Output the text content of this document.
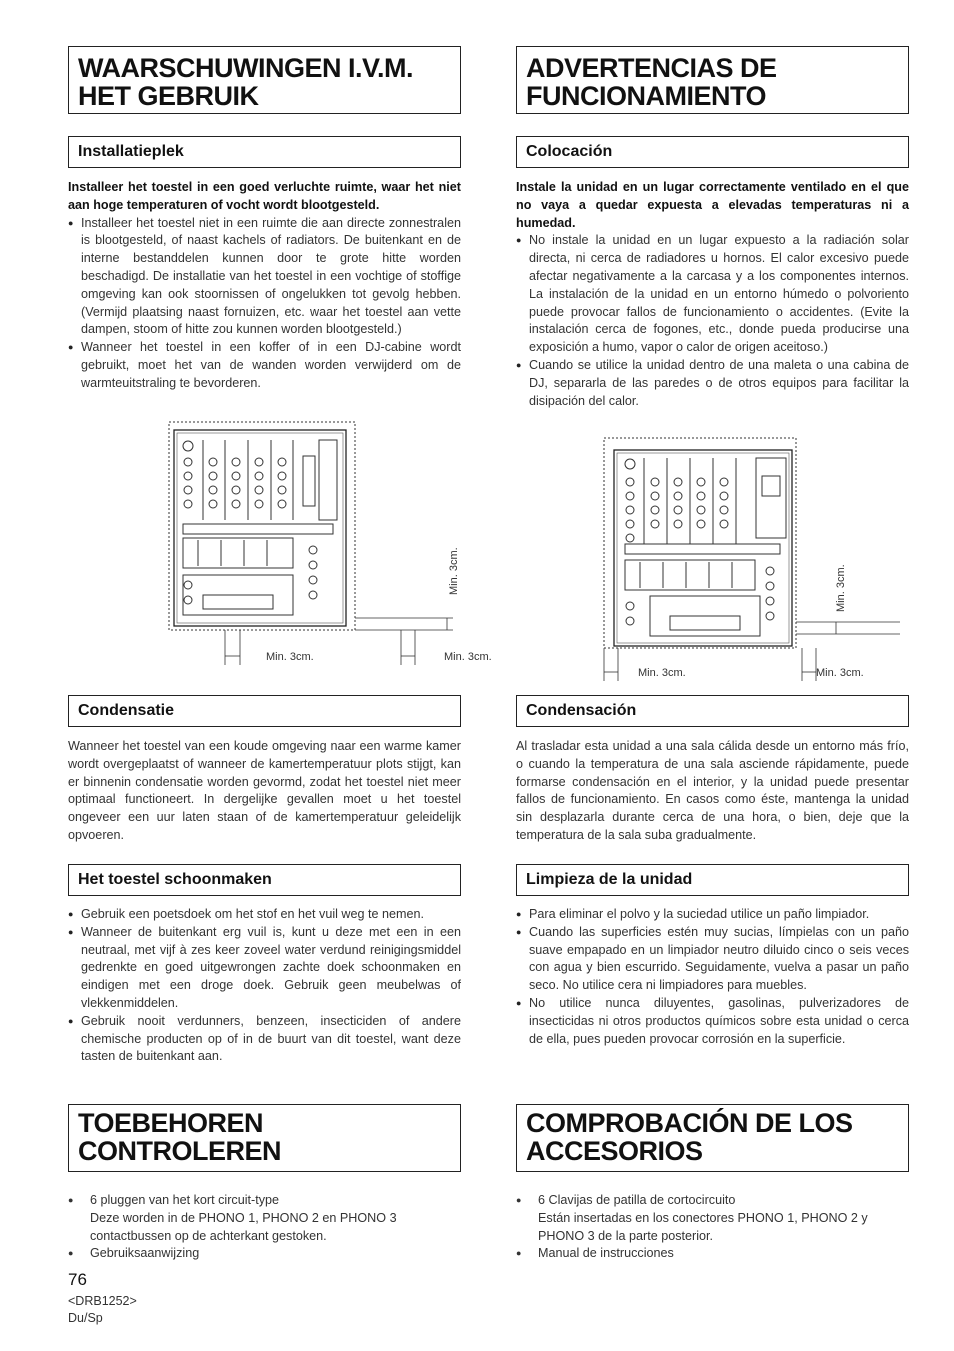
WAARSCHUWINGEN I.V.M.
HET GEBRUIK
Installatieplek

Installeer het toestel in een goed verluchte ruimte, waar het niet aan hoge temperaturen of vocht wordt blootgesteld.

● Installeer het toestel niet in een ruimte die aan directe zonnestralen is blootgesteld, of naast kachels of radiators. De buitenkant en de interne bestanddelen kunnen door te grote hitte worden beschadigd. De installatie van het toestel in een vochtige of stoffige omgeving kan ook stoornissen of ongelukken tot gevolg hebben. (Vermijd plaatsing naast fornuizen, etc. waar het toestel aan vette dampen, stoom of hitte zou kunnen worden blootgesteld.)
● Wanneer het toestel in een koffer of in een DJ-cabine wordt gebruikt, moet het van de wanden worden verwijderd om de warmteuitstraling te bevorderen.
Min. 3cm.	Min. 3cm.
Min. 3cm.
Condensatie
Wanneer het toestel van een koude omgeving naar een warme kamer wordt overgeplaatst of wanneer de kamertemperatuur plots stijgt, kan er binnenin condensatie worden gevormd, zodat het toestel niet meer optimaal functioneert. In dergelijke gevallen moet u het toestel ongeveer een uur laten staan of de kamertemperatuur geleidelijk opvoeren.
Het toestel schoonmaken
● Gebruik een poetsdoek om het stof en het vuil weg te nemen.
● Wanneer de buitenkant erg vuil is, kunt u deze met een in een neutraal, met vijf à zes keer zoveel water verdund reinigingsmiddel gedrenkte en goed uitgewrongen zachte doek schoonmaken en eindigen met een droge doek. Gebruik geen meubelwas of vlekkenmiddelen.
● Gebruik nooit verdunners, benzeen, insecticiden of andere chemische producten op of in de buurt van dit toestel, want deze tasten de buitenkant aan.
TOEBEHOREN CONTROLEREN
● 6 pluggen van het kort circuit-type
Deze worden in de PHONO 1, PHONO 2 en PHONO 3 contactbussen op de achterkant gestoken.
● Gebruiksaanwijzing
ADVERTENCIAS DE
FUNCIONAMIENTO
Colocación

Instale la unidad en un lugar correctamente ventilado en el que no vaya a quedar expuesta a elevadas temperaturas ni a humedad.

● No instale la unidad en un lugar expuesto a la radiación solar directa, ni cerca de radiadores u hornos. El calor excesivo puede afectar negativamente a la carcasa y a los componentes internos. La instalación de la unidad en un entorno húmedo o polvoriento puede provocar fallos de funcionamiento o accidentes. (Evite la instalación cerca de fogones, etc., donde pueda producirse una exposición a humo, vapor o calor de origen aceitoso.)
● Cuando se utilice la unidad dentro de una maleta o una cabina de DJ, separarla de las paredes o de otros equipos para facilitar la disipación del calor.
Min. 3cm.	Min. 3cm.
Min. 3cm.
Condensación
Al trasladar esta unidad a una sala cálida desde un entorno más frío, o cuando la temperatura de una sala asciende rápidamente, puede formarse condensación en el interior, y la unidad puede presentar fallos de funcionamiento. En casos como éste, mantenga la unidad sin desplazarla durante cerca de una hora, o bien, deje que la temperatura de la sala suba gradualmente.
Limpieza de la unidad
● Para eliminar el polvo y la suciedad utilice un paño limpiador.
● Cuando las superficies estén muy sucias, límpielas con un paño suave empapado en un limpiador neutro diluido cinco o seis veces con agua y bien escurrido. Seguidamente, vuelva a pasar un paño seco. No utilice cera ni limpiadores para muebles.
● No utilice nunca diluyentes, gasolinas, pulverizadores de insecticidas ni otros productos químicos sobre esta unidad o cerca de ella, pues pueden provocar corrosión en la superficie.
COMPROBACIÓN DE LOS
ACCESORIOS
● 6 Clavijas de patilla de cortocircuito
Están insertadas en los conectores PHONO 1, PHONO 2 y PHONO 3 de la parte posterior.
● Manual de instrucciones
76
<DRB1252>
Du/Sp
